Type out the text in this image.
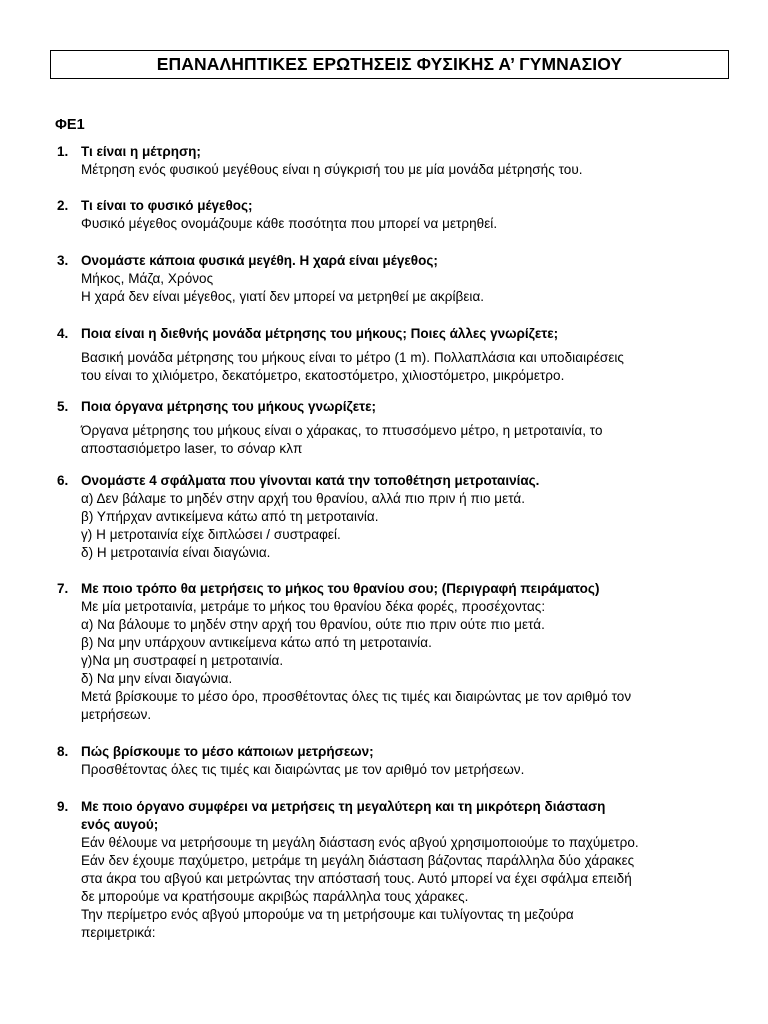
ΕΠΑΝΑΛΗΠΤΙΚΕΣ ΕΡΩΤΗΣΕΙΣ ΦΥΣΙΚΗΣ Α’ ΓΥΜΝΑΣΙΟΥ
ΦΕ1
1. Τι είναι η μέτρηση;

Μέτρηση ενός φυσικού μεγέθους είναι η σύγκρισή του με μία μονάδα μέτρησής του.

2. Τι είναι το φυσικό μέγεθος;

Φυσικό μέγεθος ονομάζουμε κάθε ποσότητα που μπορεί να μετρηθεί.

3. Ονομάστε κάποια φυσικά μεγέθη. Η χαρά είναι μέγεθος;

Μήκος, Μάζα, Χρόνος

Η χαρά δεν είναι μέγεθος, γιατί δεν μπορεί να μετρηθεί με ακρίβεια.

4. Ποια είναι η διεθνής μονάδα μέτρησης του μήκους; Ποιες άλλες γνωρίζετε;

Βασική μονάδα μέτρησης του μήκους είναι το μέτρο (1 m). Πολλαπλάσια και υποδιαιρέσεις

του είναι το χιλιόμετρο, δεκατόμετρο, εκατοστόμετρο, χιλιοστόμετρο, μικρόμετρο.

5. Ποια όργανα μέτρησης του μήκους γνωρίζετε;

Όργανα μέτρησης του μήκους είναι ο χάρακας, το πτυσσόμενο μέτρο, η μετροταινία, το

αποστασιόμετρο laser, το σόναρ κλπ

6. Ονομάστε 4 σφάλματα που γίνονται κατά την τοποθέτηση μετροταινίας.

α) Δεν βάλαμε το μηδέν στην αρχή του θρανίου, αλλά πιο πριν ή πιο μετά.

β) Υπήρχαν αντικείμενα κάτω από τη μετροταινία.

γ) Η μετροταινία είχε διπλώσει / συστραφεί.

δ) Η μετροταινία είναι διαγώνια.

7. Με ποιο τρόπο θα μετρήσεις το μήκος του θρανίου σου; (Περιγραφή πειράματος)

Με μία μετροταινία, μετράμε το μήκος του θρανίου δέκα φορές, προσέχοντας:

α) Να βάλουμε το μηδέν στην αρχή του θρανίου, ούτε πιο πριν ούτε πιο μετά.

β) Να μην υπάρχουν αντικείμενα κάτω από τη μετροταινία.

γ)Να μη συστραφεί η μετροταινία.

δ) Να μην είναι διαγώνια.

Μετά βρίσκουμε το μέσο όρο, προσθέτοντας όλες τις τιμές και διαιρώντας με τον αριθμό τον

μετρήσεων.

8. Πώς βρίσκουμε το μέσο κάποιων μετρήσεων;

Προσθέτοντας όλες τις τιμές και διαιρώντας με τον αριθμό τον μετρήσεων.

9. Με ποιο όργανο συμφέρει να μετρήσεις τη μεγαλύτερη και τη μικρότερη διάσταση

ενός αυγού;

Εάν θέλουμε να μετρήσουμε τη μεγάλη διάσταση ενός αβγού χρησιμοποιούμε το παχύμετρο.

Εάν δεν έχουμε παχύμετρο, μετράμε τη μεγάλη διάσταση βάζοντας παράλληλα δύο χάρακες

στα άκρα του αβγού και μετρώντας την απόστασή τους. Αυτό μπορεί να έχει σφάλμα επειδή

δε μπορούμε να κρατήσουμε ακριβώς παράλληλα τους χάρακες.

Την περίμετρο ενός αβγού μπορούμε να τη μετρήσουμε και τυλίγοντας τη μεζούρα

περιμετρικά:
